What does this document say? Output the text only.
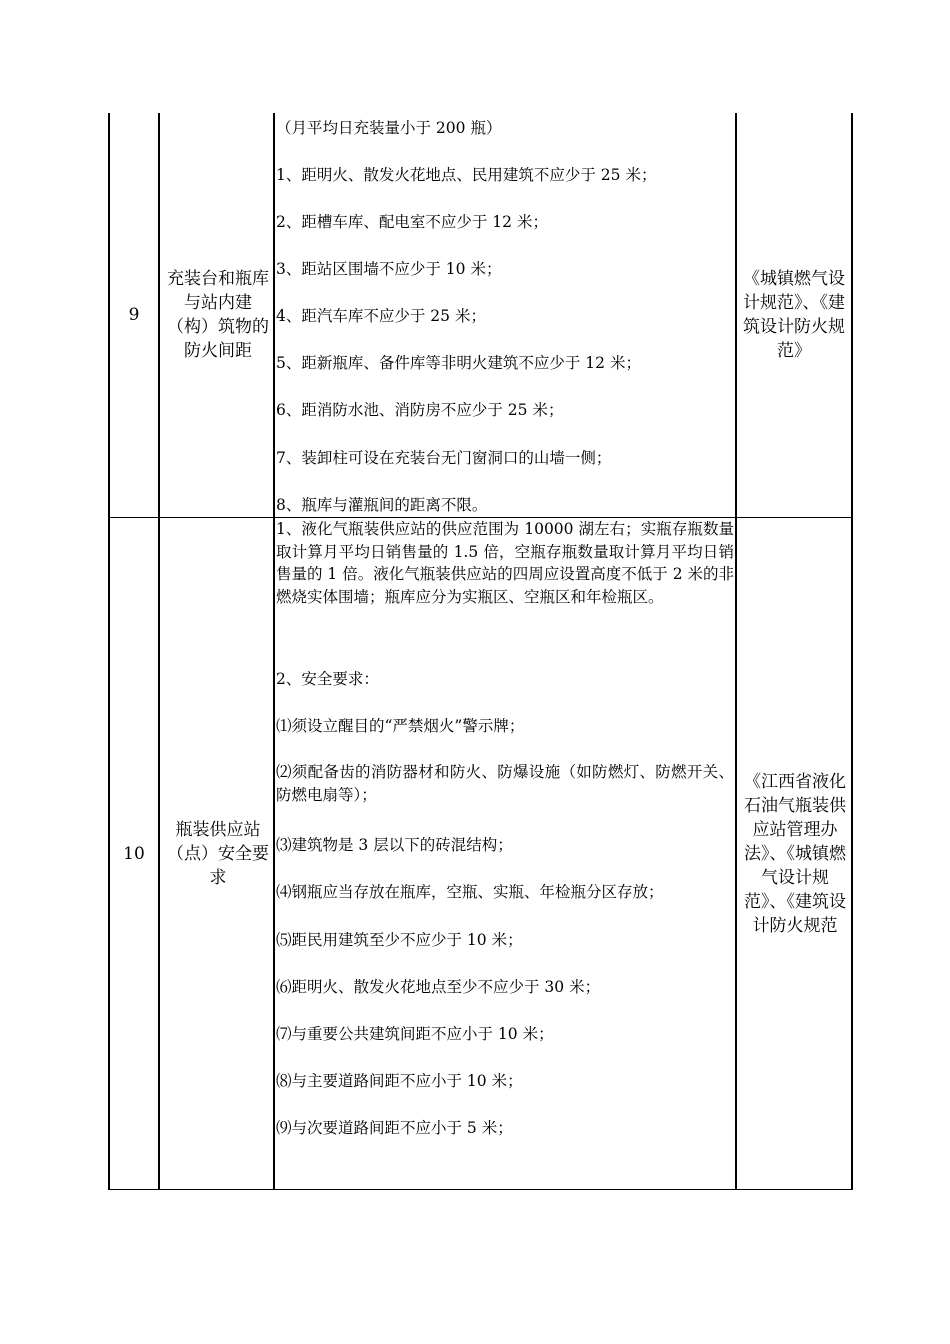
9
充装台和瓶库与站内建（构）筑物的防火间距
（月平均日充装量小于 200 瓶）
1、距明火、散发火花地点、民用建筑不应少于 25 米；
2、距槽车库、配电室不应少于 12 米；
3、距站区围墙不应少于 10 米；
4、距汽车库不应少于 25 米；
5、距新瓶库、备件库等非明火建筑不应少于 12 米；
6、距消防水池、消防房不应少于 25 米；
7、装卸柱可设在充装台无门窗洞口的山墙一侧；
8、瓶库与灌瓶间的距离不限。
《城镇燃气设计规范》、《建筑设计防火规范》
10
瓶装供应站（点）安全要求
1、液化气瓶装供应站的供应范围为 10000 湖左右；实瓶存瓶数量取计算月平均日销售量的 1.5 倍，空瓶存瓶数量取计算月平均日销售量的 1 倍。液化气瓶装供应站的四周应设置高度不低于 2 米的非燃烧实体围墙；瓶库应分为实瓶区、空瓶区和年检瓶区。
2、安全要求：
⑴须设立醒目的“严禁烟火”警示牌；
⑵须配备齿的消防器材和防火、防爆设施（如防燃灯、防燃开关、防燃电扇等）；
⑶建筑物是 3 层以下的砖混结构；
⑷钢瓶应当存放在瓶库，空瓶、实瓶、年检瓶分区存放；
⑸距民用建筑至少不应少于 10 米；
⑹距明火、散发火花地点至少不应少于 30 米；
⑺与重要公共建筑间距不应小于 10 米；
⑻与主要道路间距不应小于 10 米；
⑼与次要道路间距不应小于 5 米；
《江西省液化石油气瓶装供应站管理办法》、《城镇燃气设计规范》、《建筑设计防火规范
